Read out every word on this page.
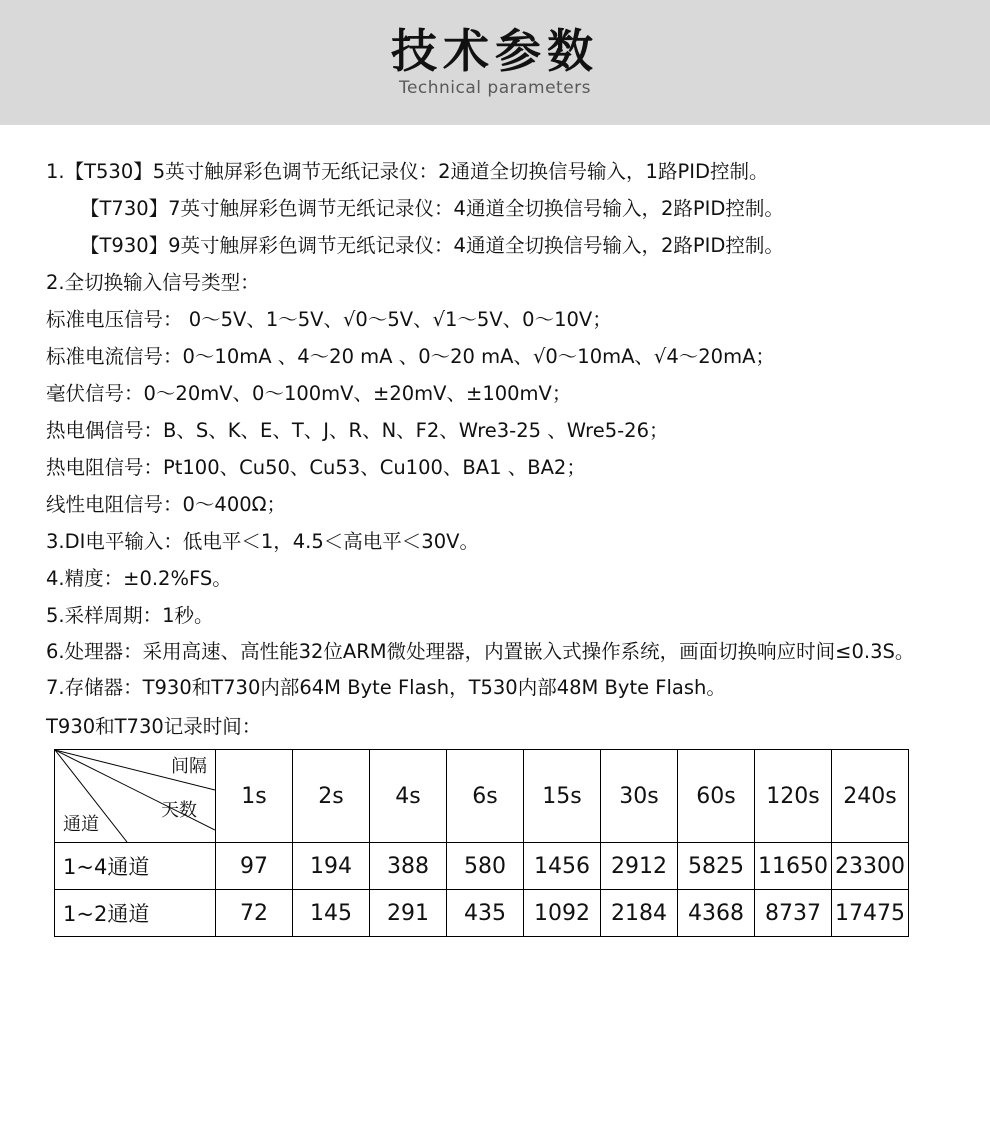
技术参数
Technical parameters
1.【T530】5英寸触屏彩色调节无纸记录仪：2通道全切换信号输入，1路PID控制。
【T730】7英寸触屏彩色调节无纸记录仪：4通道全切换信号输入，2路PID控制。
【T930】9英寸触屏彩色调节无纸记录仪：4通道全切换信号输入，2路PID控制。
2.全切换输入信号类型：
标准电压信号： 0～5V、1～5V、√0～5V、√1～5V、0～10V；
标准电流信号：0～10mA 、4～20 mA 、0～20 mA、√0～10mA、√4～20mA；
毫伏信号：0～20mV、0～100mV、±20mV、±100mV；
热电偶信号：B、S、K、E、T、J、R、N、F2、Wre3-25 、Wre5-26；
热电阻信号：Pt100、Cu50、Cu53、Cu100、BA1 、BA2；
线性电阻信号：0～400Ω；
3.DI电平输入：低电平＜1，4.5＜高电平＜30V。
4.精度：±0.2%FS。
5.采样周期：1秒。
6.处理器：采用高速、高性能32位ARM微处理器，内置嵌入式操作系统，画面切换响应时间≤0.3S。
7.存储器：T930和T730内部64M Byte Flash，T530内部48M Byte Flash。
T930和T730记录时间：
间隔
天数
通道	1s	2s	4s	6s	15s	30s	60s	120s	240s
1~4通道	97	194	388	580	1456	2912	5825	11650	23300
1~2通道	72	145	291	435	1092	2184	4368	8737	17475
